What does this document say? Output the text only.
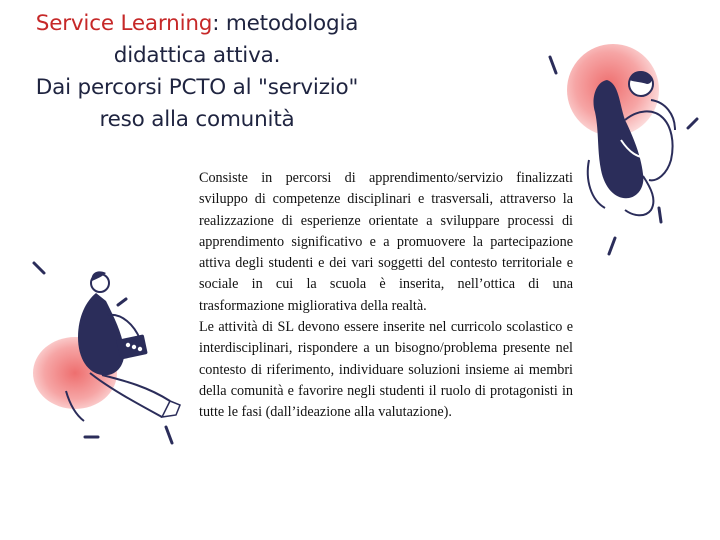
Service Learning: metodologia
didattica attiva.
Dai percorsi PCTO al "servizio"
reso alla comunità

Consiste in percorsi di apprendimento/servizio finalizzati sviluppo di competenze disciplinari e trasversali, attraverso la realizzazione di esperienze orientate a sviluppare processi di apprendimento significativo e a promuovere la partecipazione attiva degli studenti e dei vari soggetti del contesto territoriale e sociale in cui la scuola è inserita, nell’ottica di una trasformazione migliorativa della realtà.

Le attività di SL devono essere inserite nel curricolo scolastico e interdisciplinari, rispondere a un bisogno/problema presente nel contesto di riferimento, individuare soluzioni insieme ai membri della comunità e favorire negli studenti il ruolo di protagonisti in tutte le fasi (dall’ideazione alla valutazione).
